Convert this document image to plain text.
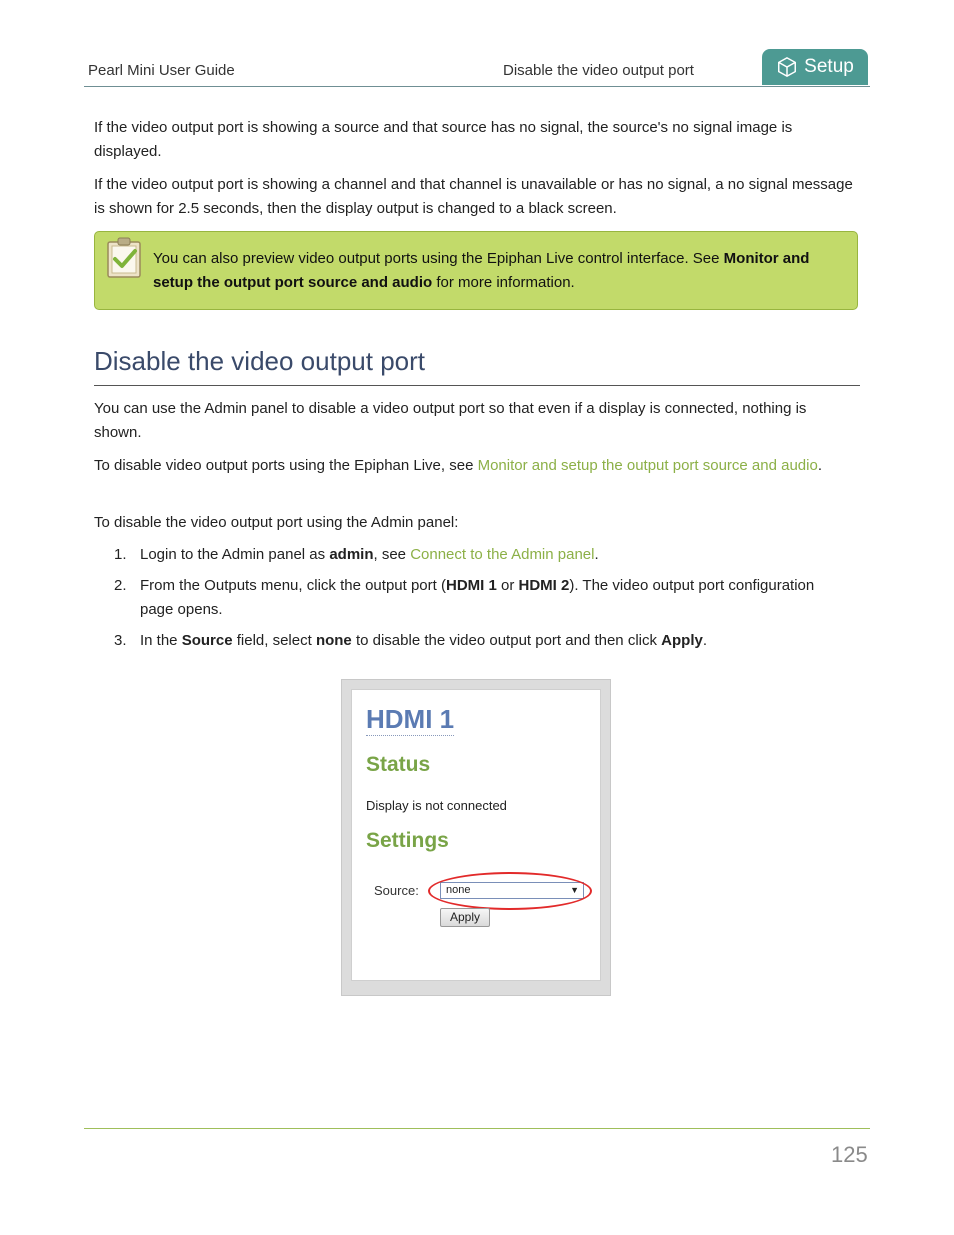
Pearl Mini User Guide	Disable the video output port	Setup

If the video output port is showing a source and that source has no signal, the source's no signal image is displayed.

If the video output port is showing a channel and that channel is unavailable or has no signal, a no signal message is shown for 2.5 seconds, then the display output is changed to a black screen.

You can also preview video output ports using the Epiphan Live control interface. See Monitor and setup the output port source and audio for more information.
Disable the video output port

You can use the Admin panel to disable a video output port so that even if a display is connected, nothing is shown.

To disable video output ports using the Epiphan Live, see Monitor and setup the output port source and audio.

To disable the video output port using the Admin panel:

1. Login to the Admin panel as admin, see Connect to the Admin panel.
2. From the Outputs menu, click the output port (HDMI 1 or HDMI 2). The video output port configuration page opens.
3. In the Source field, select none to disable the video output port and then click Apply.
HDMI 1
Status
Display is not connected
Settings
Source:	none	▼
Apply
125
